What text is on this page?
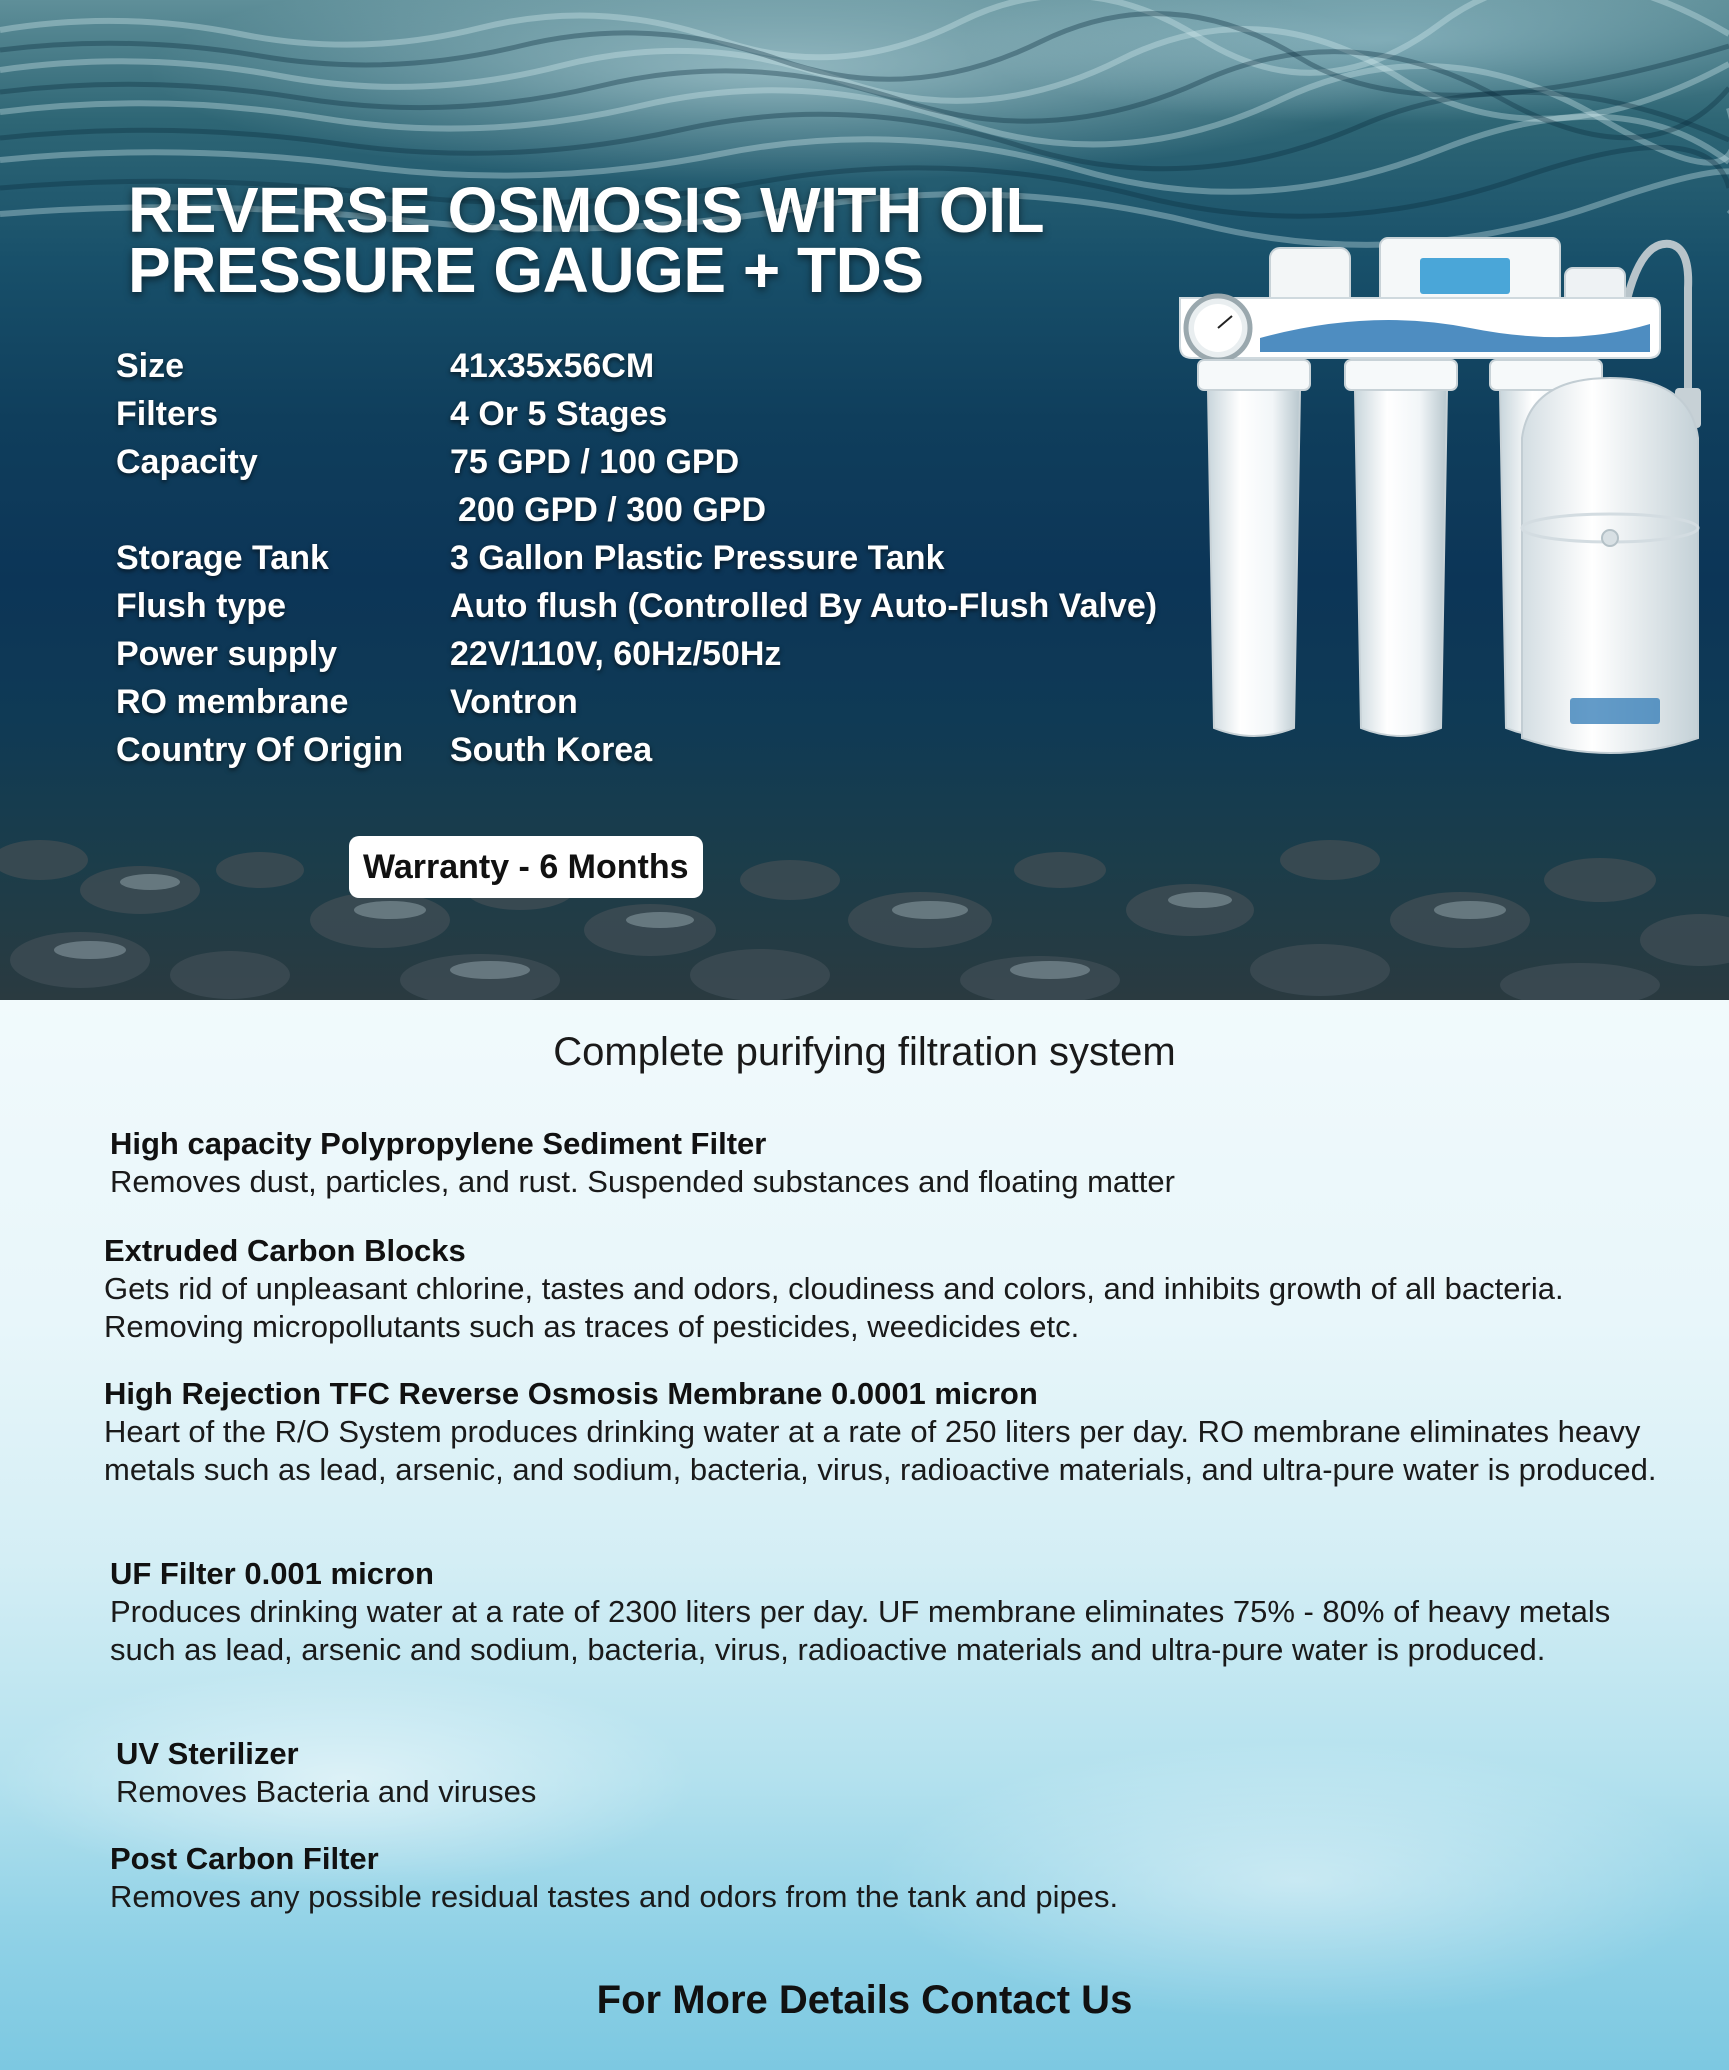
REVERSE OSMOSIS WITH OIL
PRESSURE GAUGE + TDS
Size	41x35x56CM
Filters	4 Or 5 Stages
Capacity	75 GPD / 100 GPD
200 GPD / 300 GPD
Storage Tank	3 Gallon Plastic Pressure Tank
Flush type	Auto flush (Controlled By Auto-Flush Valve)
Power supply	22V/110V, 60Hz/50Hz
RO membrane	Vontron
Country Of Origin	South Korea
Warranty - 6 Months
Complete purifying filtration system
High capacity Polypropylene Sediment Filter
Removes dust, particles, and rust. Suspended substances and floating matter
Extruded Carbon Blocks
Gets rid of unpleasant chlorine, tastes and odors, cloudiness and colors, and inhibits growth of all bacteria. Removing micropollutants such as traces of pesticides, weedicides etc.
High Rejection TFC Reverse Osmosis Membrane 0.0001 micron
Heart of the R/O System produces drinking water at a rate of 250 liters per day. RO membrane eliminates heavy metals such as lead, arsenic, and sodium, bacteria, virus, radioactive materials, and ultra-pure water is produced.
UF Filter 0.001 micron
Produces drinking water at a rate of 2300 liters per day. UF membrane eliminates 75% - 80% of heavy metals such as lead, arsenic and sodium, bacteria, virus, radioactive materials and ultra-pure water is produced.
UV Sterilizer
Removes Bacteria and viruses
Post Carbon Filter
Removes any possible residual tastes and odors from the tank and pipes.
For More Details Contact Us
